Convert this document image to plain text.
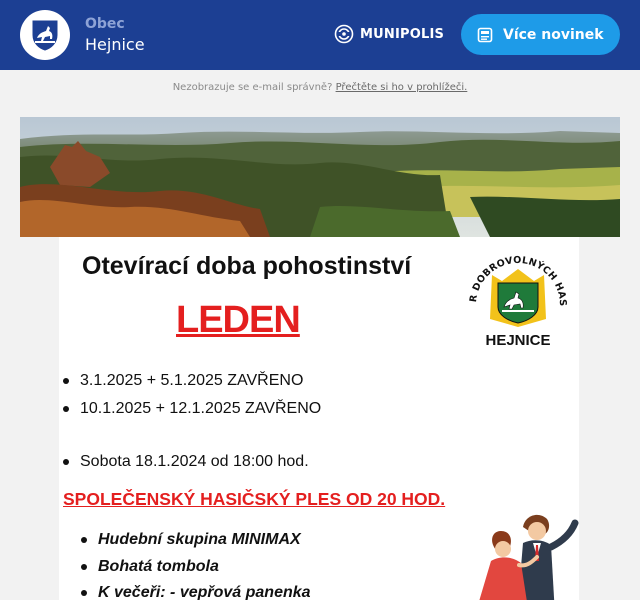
Obec
Hejnice
MUNIPOLIS	Více novinek
Nezobrazuje se e-mail správně? Přečtěte si ho v prohlížeči.
Otevírací doba pohostinství
LEDEN
R DOBROVOLNÝCH HAS
HEJNICE
3.1.2025 + 5.1.2025 ZAVŘENO
10.1.2025 + 12.1.2025 ZAVŘENO
Sobota 18.1.2024 od 18:00 hod.
SPOLEČENSKÝ HASIČSKÝ PLES OD 20 HOD.
Hudební skupina MINIMAX
Bohatá tombola
K večeři: - vepřová panenka
